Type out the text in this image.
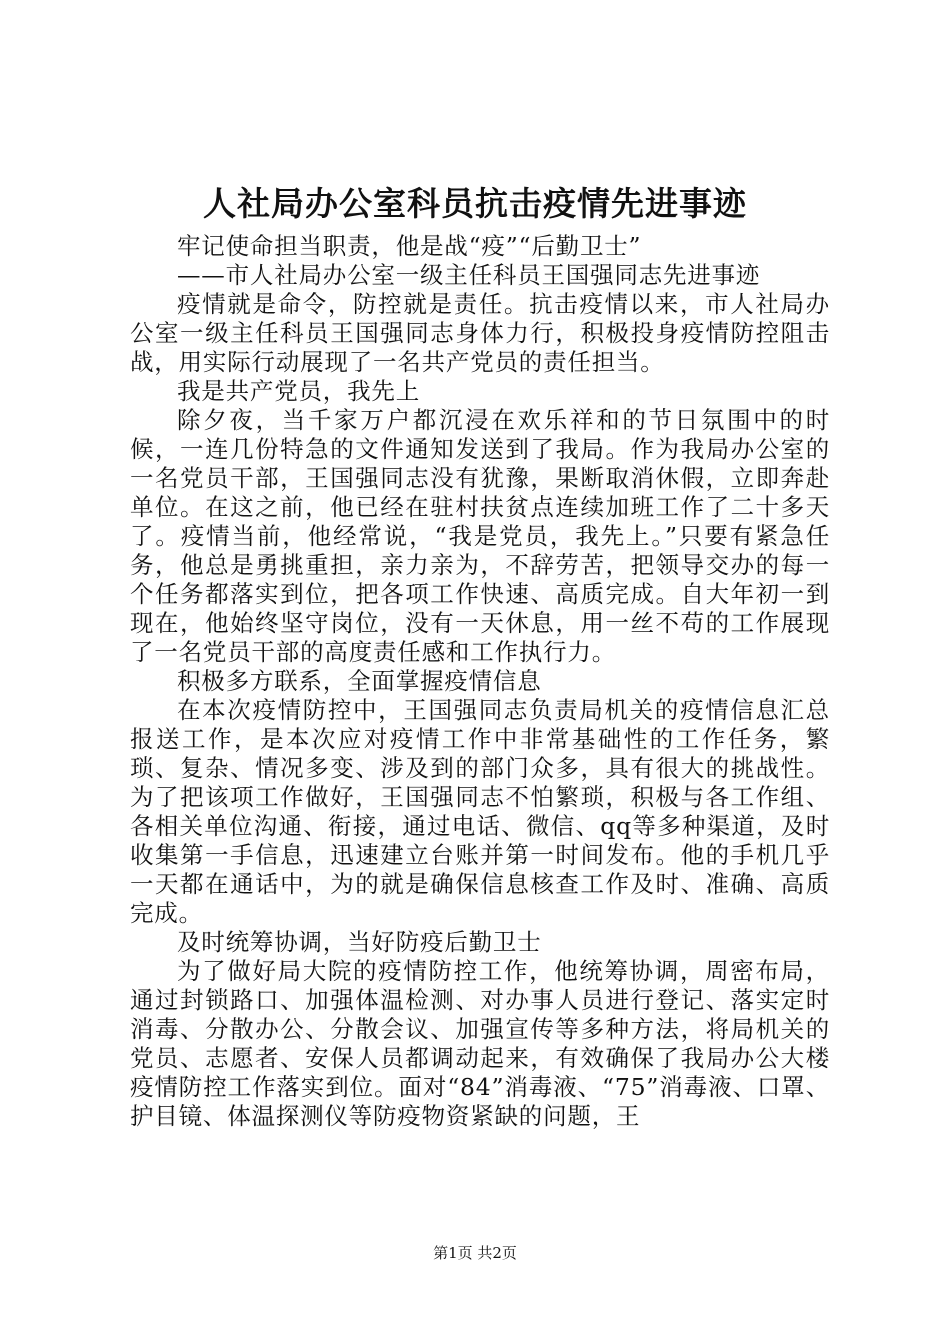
人社局办公室科员抗击疫情先进事迹

牢记使命担当职责，他是战“疫”“后勤卫士”

——市人社局办公室一级主任科员王国强同志先进事迹

疫情就是命令，防控就是责任。抗击疫情以来，市人社局办公室一级主任科员王国强同志身体力行，积极投身疫情防控阻击战，用实际行动展现了一名共产党员的责任担当。

我是共产党员，我先上

除夕夜，当千家万户都沉浸在欢乐祥和的节日氛围中的时候，一连几份特急的文件通知发送到了我局。作为我局办公室的一名党员干部，王国强同志没有犹豫，果断取消休假，立即奔赴单位。在这之前，他已经在驻村扶贫点连续加班工作了二十多天了。疫情当前，他经常说，“我是党员，我先上。”只要有紧急任务，他总是勇挑重担，亲力亲为，不辞劳苦，把领导交办的每一个任务都落实到位，把各项工作快速、高质完成。自大年初一到现在，他始终坚守岗位，没有一天休息，用一丝不苟的工作展现了一名党员干部的高度责任感和工作执行力。

积极多方联系，全面掌握疫情信息

在本次疫情防控中，王国强同志负责局机关的疫情信息汇总报送工作，是本次应对疫情工作中非常基础性的工作任务，繁琐、复杂、情况多变、涉及到的部门众多，具有很大的挑战性。为了把该项工作做好，王国强同志不怕繁琐，积极与各工作组、各相关单位沟通、衔接，通过电话、微信、qq等多种渠道，及时收集第一手信息，迅速建立台账并第一时间发布。他的手机几乎一天都在通话中，为的就是确保信息核查工作及时、准确、高质完成。

及时统筹协调，当好防疫后勤卫士

为了做好局大院的疫情防控工作，他统筹协调，周密布局，通过封锁路口、加强体温检测、对办事人员进行登记、落实定时消毒、分散办公、分散会议、加强宣传等多种方法，将局机关的党员、志愿者、安保人员都调动起来，有效确保了我局办公大楼疫情防控工作落实到位。面对“84”消毒液、“75”消毒液、口罩、护目镜、体温探测仪等防疫物资紧缺的问题，王

第1页 共2页
